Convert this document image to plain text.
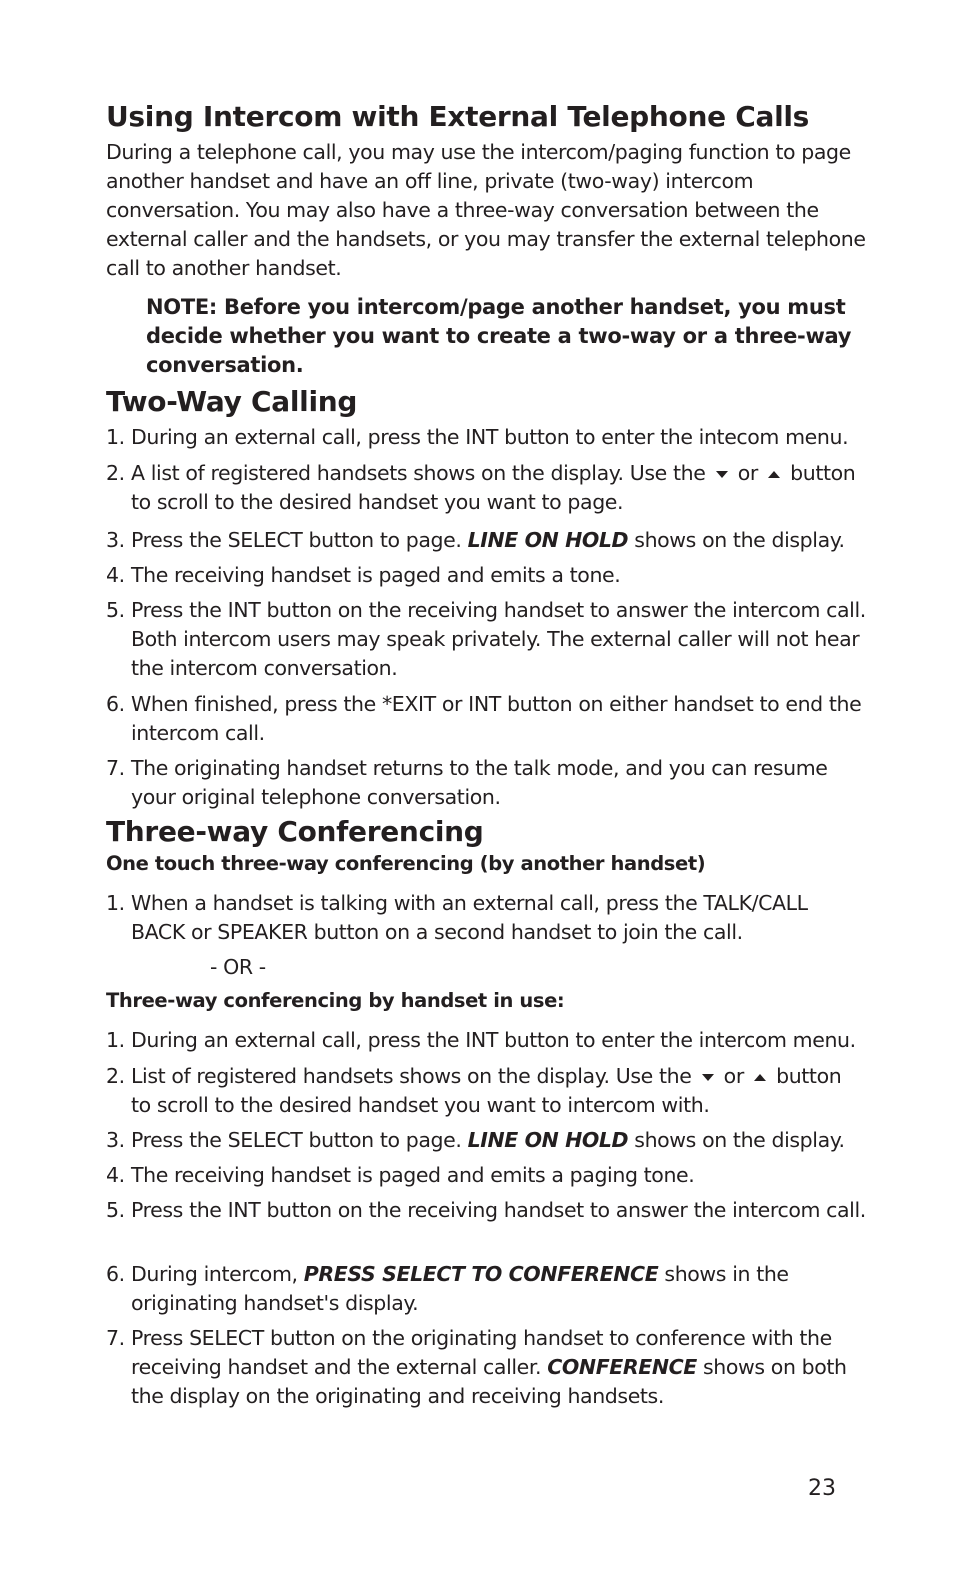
Using Intercom with External Telephone Calls
During a telephone call, you may use the intercom/paging function to page another handset and have an off line, private (two-way) intercom conversation. You may also have a three-way conversation between the external caller and the handsets, or you may transfer the external telephone call to another handset.
NOTE: Before you intercom/page another handset, you must decide whether you want to create a two-way or a three-way conversation.
Two-Way Calling
1. During an external call, press the INT button to enter the intecom menu.
2. A list of registered handsets shows on the display. Use the or button to scroll to the desired handset you want to page.
3. Press the SELECT button to page. LINE ON HOLD shows on the display.
4. The receiving handset is paged and emits a tone.
5. Press the INT button on the receiving handset to answer the intercom call. Both intercom users may speak privately. The external caller will not hear the intercom conversation.
6. When finished, press the *EXIT or INT button on either handset to end the intercom call.
7. The originating handset returns to the talk mode, and you can resume your original telephone conversation.
Three-way Conferencing
One touch three-way conferencing (by another handset)
1. When a handset is talking with an external call, press the TALK/CALL BACK or SPEAKER button on a second handset to join the call.
- OR -
Three-way conferencing by handset in use:
1. During an external call, press the INT button to enter the intercom menu.
2. List of registered handsets shows on the display. Use the or button to scroll to the desired handset you want to intercom with.
3. Press the SELECT button to page. LINE ON HOLD shows on the display.
4. The receiving handset is paged and emits a paging tone.
5. Press the INT button on the receiving handset to answer the intercom call.
6. During intercom, PRESS SELECT TO CONFERENCE shows in the originating handset's display.
7. Press SELECT button on the originating handset to conference with the receiving handset and the external caller. CONFERENCE shows on both the display on the originating and receiving handsets.
23
